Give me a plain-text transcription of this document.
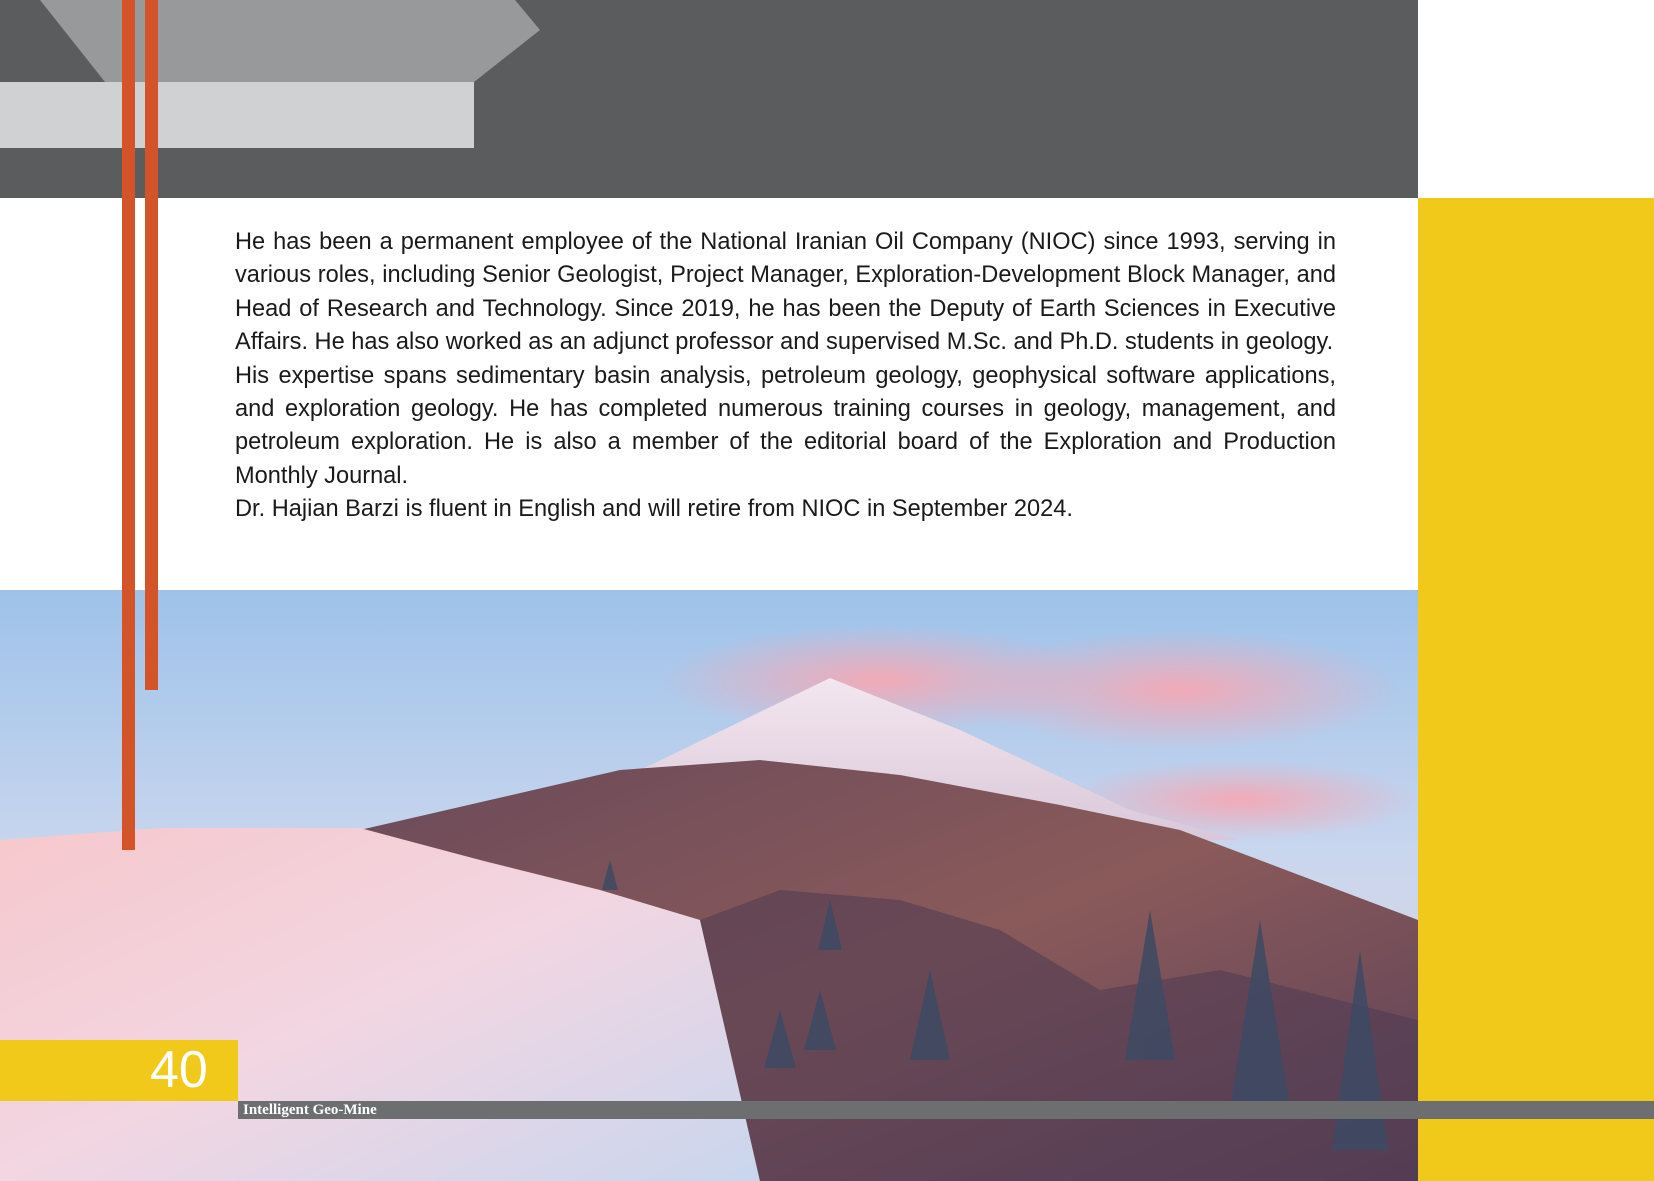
He has been a permanent employee of the National Iranian Oil Company (NIOC) since 1993, serving in various roles, including Senior Geologist, Project Manager, Exploration-Development Block Manager, and Head of Research and Technology. Since 2019, he has been the Deputy of Earth Sciences in Executive Affairs. He has also worked as an adjunct professor and supervised M.Sc. and Ph.D. students in geology.

His expertise spans sedimentary basin analysis, petroleum geology, geophysical software applications, and exploration geology. He has completed numerous training courses in geology, management, and petroleum exploration. He is also a member of the editorial board of the Exploration and Production Monthly Journal.

Dr. Hajian Barzi is fluent in English and will retire from NIOC in September 2024.

40
Intelligent Geo-Mine
